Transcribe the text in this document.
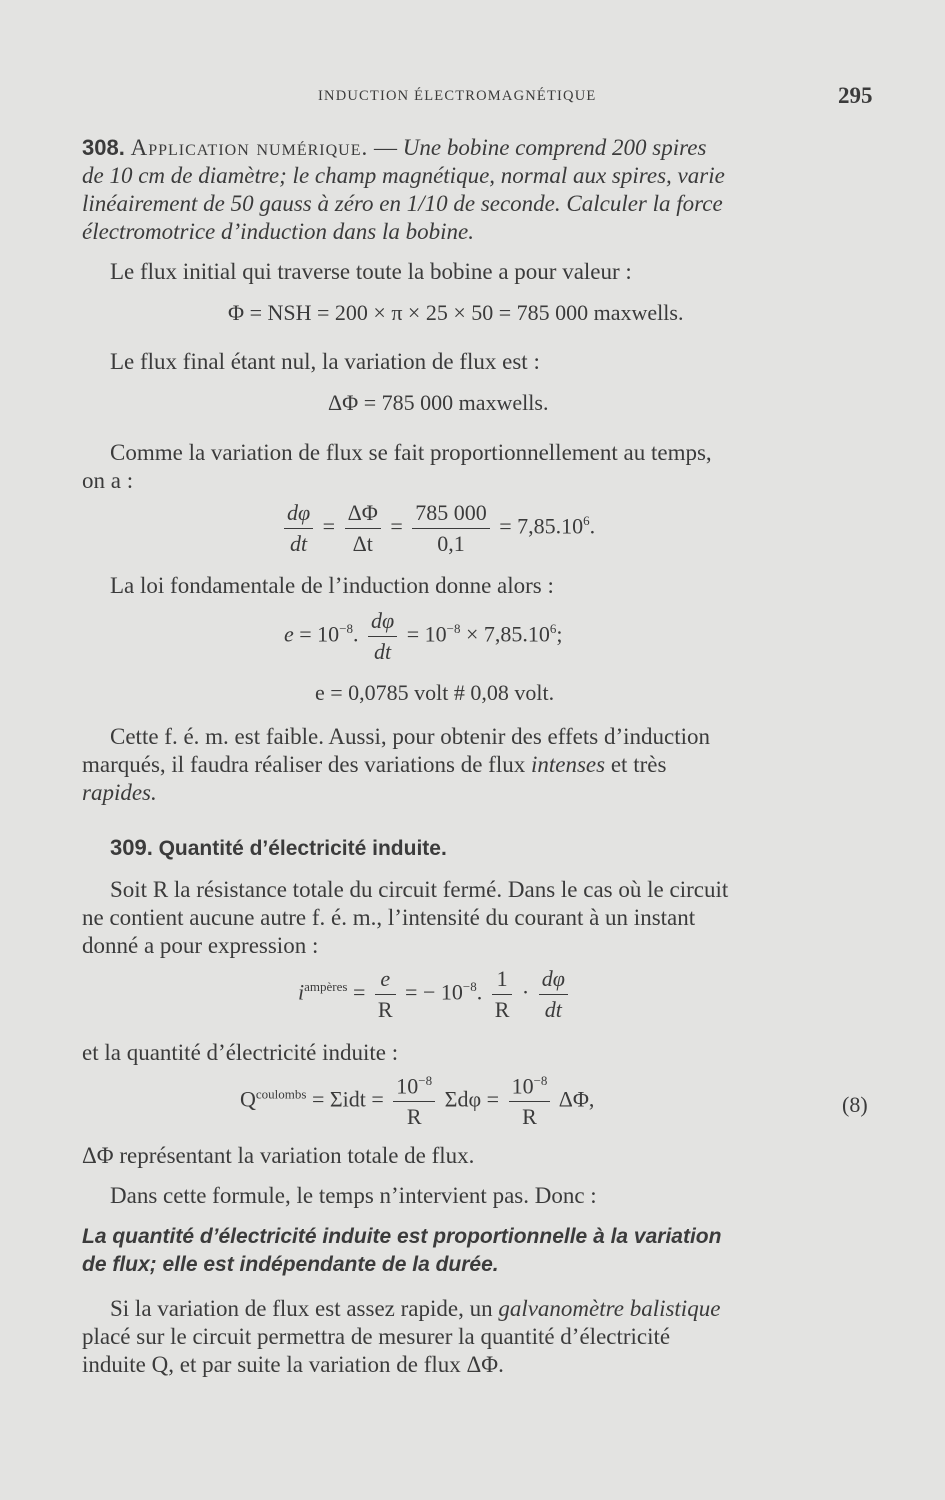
INDUCTION ÉLECTROMAGNÉTIQUE	295
308. Application numérique. — Une bobine comprend 200 spires
de 10 cm de diamètre; le champ magnétique, normal aux spires, varie
linéairement de 50 gauss à zéro en 1/10 de seconde. Calculer la force
électromotrice d’induction dans la bobine.
Le flux initial qui traverse toute la bobine a pour valeur :
Φ = NSH = 200 × π × 25 × 50 = 785 000 maxwells.
Le flux final étant nul, la variation de flux est :
ΔΦ = 785 000 maxwells.
Comme la variation de flux se fait proportionnellement au temps,
on a :
$\frac{d\varphi}{dt} = \frac{\Delta\Phi}{\Delta t} = \frac{785 000}{0,1} = 7,85.10^6$.
La loi fondamentale de l’induction donne alors :
$e = 10^{-8}$. $\frac{d\varphi}{dt} = 10^{-8} \times 7,85.10^6$;
e = 0,0785 volt # 0,08 volt.
Cette f. é. m. est faible. Aussi, pour obtenir des effets d’induction
marqués, il faudra réaliser des variations de flux intenses et très
rapides.
309. Quantité d’électricité induite.
Soit R la résistance totale du circuit fermé. Dans le cas où le circuit
ne contient aucune autre f. é. m., l’intensité du courant à un instant
donné a pour expression :
$i^{ampères} = \frac{e}{R}$ = − $10^{-8}$. $\frac{1}{R} \cdot \frac{d\varphi}{dt}$
et la quantité d’électricité induite :
$Q^{coulombs} = \Sigma idt = \frac{10^{-8}}{R}$ $\Sigma d\varphi = \frac{10^{-8}}{R} \Delta\Phi$,	(8)
ΔΦ représentant la variation totale de flux.
Dans cette formule, le temps n’intervient pas. Donc :
La quantité d’électricité induite est proportionnelle à la variation
de flux; elle est indépendante de la durée.
Si la variation de flux est assez rapide, un galvanomètre balistique
placé sur le circuit permettra de mesurer la quantité d’électricité
induite Q, et par suite la variation de flux ΔΦ.
